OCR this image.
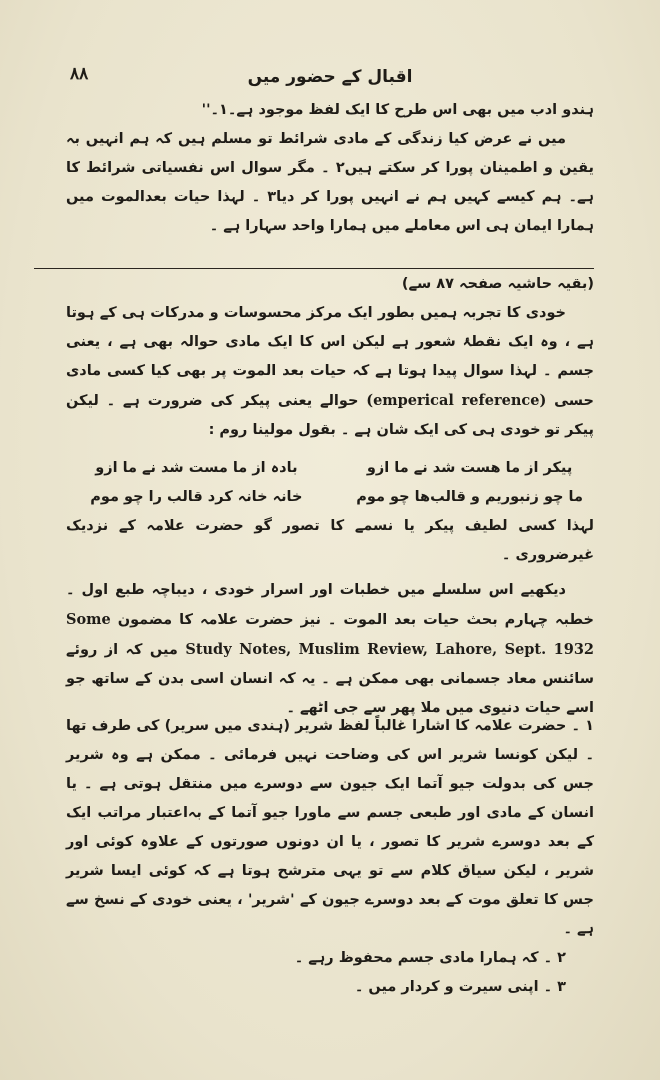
۸۸	اقبال کے حضور میں

ہندو ادب میں بھی اس طرح کا ایک لفظ موجود ہے۔۱۔''

میں نے عرض کیا زندگی کے مادی شرائط تو مسلم ہیں کہ ہم انہیں بہ یقین و اطمینان پورا کر سکتے ہیں۲ ۔ مگر سوال اس نفسیاتی شرائط کا ہے۔ ہم کیسے کہیں ہم نے انہیں پورا کر دیا۳ ۔ لہذا حیات بعدالموت میں ہمارا ایمان ہی اس معاملے میں ہمارا واحد سہارا ہے ۔

(بقیہ حاشیہ صفحہ ۸۷ سے)

خودی کا تجربہ ہمیں بطور ایک مرکز محسوسات و مدرکات ہی کے ہوتا ہے ، وہ ایک نقطۂ شعور ہے لیکن اس کا ایک مادی حوالہ بھی ہے ، یعنی جسم ۔ لہذا سوال پیدا ہوتا ہے کہ حیات بعد الموت پر بھی کیا کسی مادی حسی (emperical reference) حوالے یعنی پیکر کی ضرورت ہے ۔ لیکن پیکر تو خودی ہی کی ایک شان ہے ۔ بقول مولینا روم :

پیکر از ما هست شد نے ما ازو
بادہ از ما مست شد نے ما ازو
ما چو زنبوریم و قالب‌ها چو موم
خانہ خانہ کرد قالب را چو موم

لہذا کسی لطیف پیکر یا نسمے کا تصور گو حضرت علامہ کے نزدیک غیرضروری ۔

دیکھیے اس سلسلے میں خطبات اور اسرار خودی ، دیباچہ طبع اول ۔ خطبہ چہارم بحث حیات بعد الموت ۔ نیز حضرت علامہ کا مضمون Some Study Notes, Muslim Review, Lahore, Sept. 1932 میں کہ از روئے سائنس معاد جسمانی بھی ممکن ہے ۔ یہ کہ انسان اسی بدن کے ساتھ جو اسے حیات دنیوی میں ملا پھر سے جی اٹھے ۔

۱ ۔ حضرت علامہ کا اشارا غالباً لفظ شریر (ہندی میں سریر) کی طرف تھا ۔ لیکن کونسا شریر اس کی وضاحت نہیں فرمائی ۔ ممکن ہے وہ شریر جس کی بدولت جیو آتما ایک جیون سے دوسرے میں منتقل ہوتی ہے ۔ یا انسان کے مادی اور طبعی جسم سے ماورا جیو آتما کے بہ‌اعتبار مراتب ایک کے بعد دوسرے شریر کا تصور ، یا ان دونوں صورتوں کے علاوہ کوئی اور شریر ، لیکن سیاق کلام سے تو یہی مترشح ہوتا ہے کہ کوئی ایسا شریر جس کا تعلق موت کے بعد دوسرے جیون کے 'شریر' ، یعنی خودی کے نسخ سے ہے ۔

۲ ۔ کہ ہمارا مادی جسم محفوظ رہے ۔

۳ ۔ اپنی سیرت و کردار میں ۔
